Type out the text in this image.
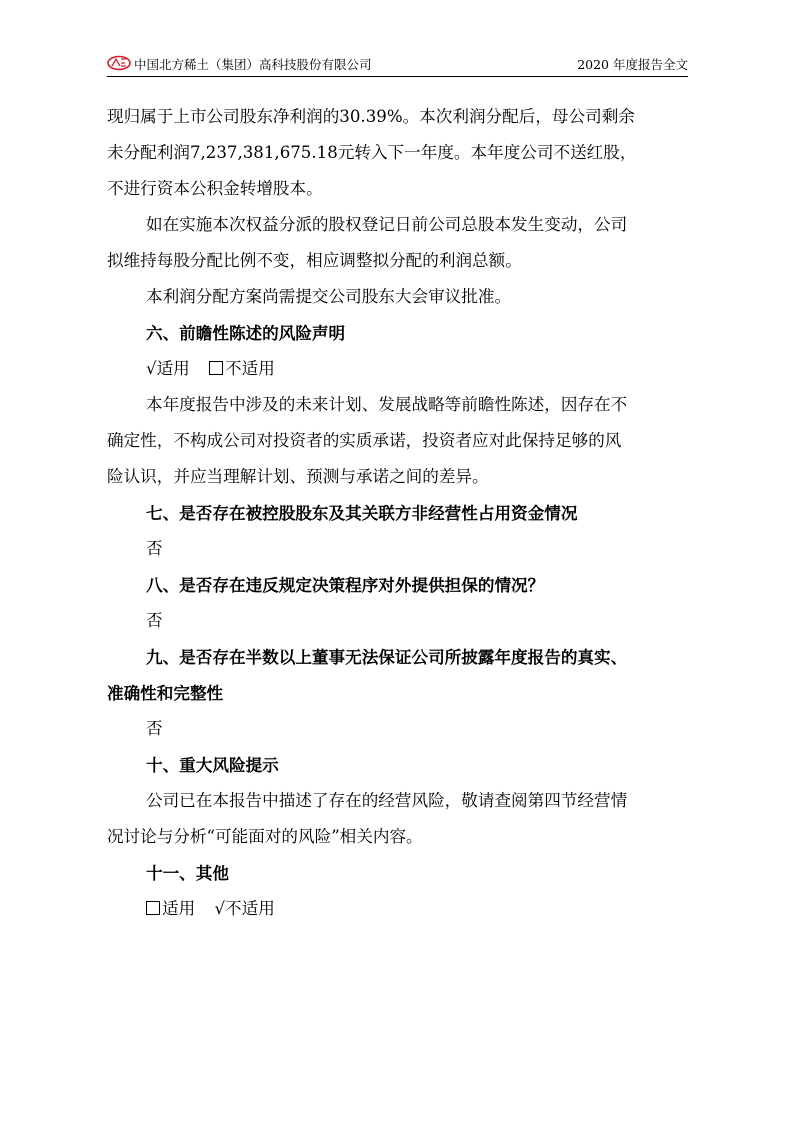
中国北方稀土（集团）高科技股份有限公司	2020 年度报告全文
现归属于上市公司股东净利润的30.39%。本次利润分配后，母公司剩余
未分配利润7,237,381,675.18元转入下一年度。本年度公司不送红股，
不进行资本公积金转增股本。
如在实施本次权益分派的股权登记日前公司总股本发生变动，公司
拟维持每股分配比例不变，相应调整拟分配的利润总额。
本利润分配方案尚需提交公司股东大会审议批准。
六、前瞻性陈述的风险声明
√适用 不适用
本年度报告中涉及的未来计划、发展战略等前瞻性陈述，因存在不
确定性，不构成公司对投资者的实质承诺，投资者应对此保持足够的风
险认识，并应当理解计划、预测与承诺之间的差异。
七、是否存在被控股股东及其关联方非经营性占用资金情况
否
八、是否存在违反规定决策程序对外提供担保的情况？
否
九、是否存在半数以上董事无法保证公司所披露年度报告的真实、
准确性和完整性
否
十、重大风险提示
公司已在本报告中描述了存在的经营风险，敬请查阅第四节经营情
况讨论与分析“可能面对的风险”相关内容。
十一、其他
适用 √不适用
